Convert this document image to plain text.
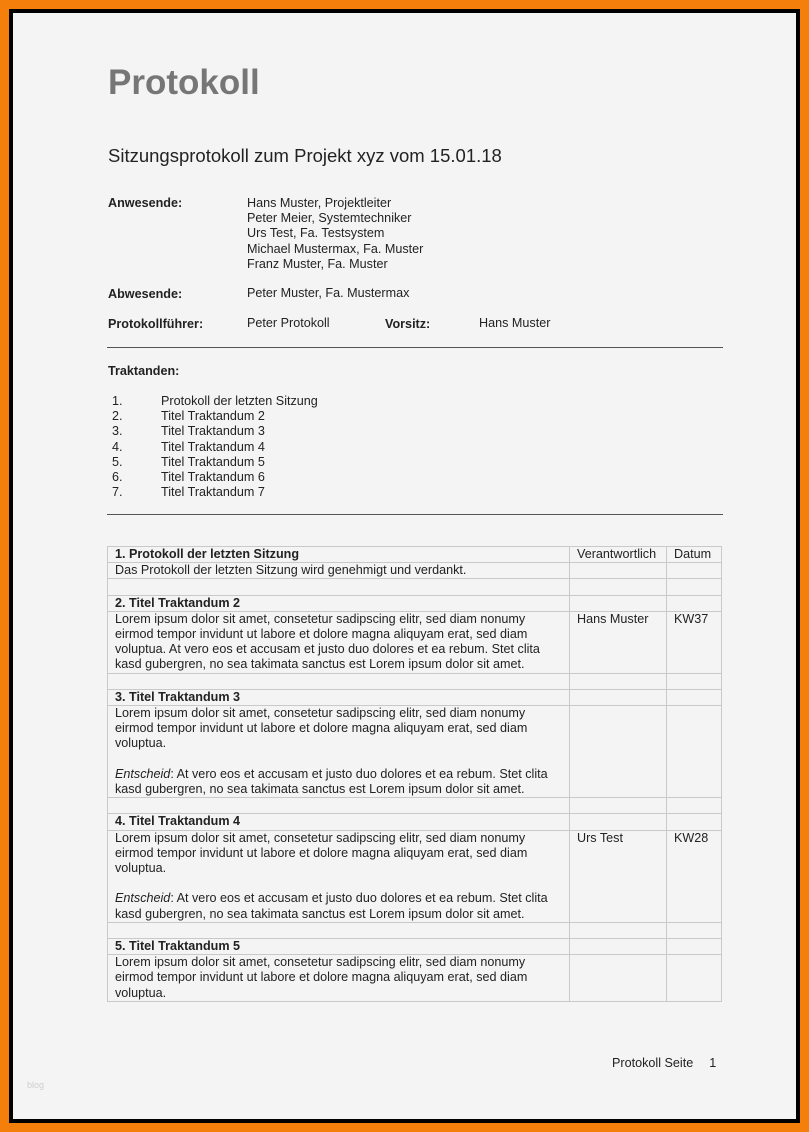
Protokoll
Sitzungsprotokoll zum Projekt xyz vom 15.01.18
Anwesende:	Hans Muster, Projektleiter
Peter Meier, Systemtechniker
Urs Test, Fa. Testsystem
Michael Mustermax, Fa. Muster
Franz Muster, Fa. Muster
Abwesende:	Peter Muster, Fa. Mustermax
Protokollführer:	Peter Protokoll	Vorsitz:	Hans Muster
Traktanden:
1.	Protokoll der letzten Sitzung
2.	Titel Traktandum 2
3.	Titel Traktandum 3
4.	Titel Traktandum 4
5.	Titel Traktandum 5
6.	Titel Traktandum 6
7.	Titel Traktandum 7
1. Protokoll der letzten Sitzung	Verantwortlich	Datum
Das Protokoll der letzten Sitzung wird genehmigt und verdankt.		

2. Titel Traktandum 2		
Lorem ipsum dolor sit amet, consetetur sadipscing elitr, sed diam nonumy eirmod tempor invidunt ut labore et dolore magna aliquyam erat, sed diam voluptua. At vero eos et accusam et justo duo dolores et ea rebum. Stet clita kasd gubergren, no sea takimata sanctus est Lorem ipsum dolor sit amet.	Hans Muster	KW37

3. Titel Traktandum 3		

Lorem ipsum dolor sit amet, consetetur sadipscing elitr, sed diam nonumy eirmod tempor invidunt ut labore et dolore magna aliquyam erat, sed diam voluptua.
Entscheid: At vero eos et accusam et justo duo dolores et ea rebum. Stet clita kasd gubergren, no sea takimata sanctus est Lorem ipsum dolor sit amet.		

4. Titel Traktandum 4		

Lorem ipsum dolor sit amet, consetetur sadipscing elitr, sed diam nonumy eirmod tempor invidunt ut labore et dolore magna aliquyam erat, sed diam voluptua.
Entscheid: At vero eos et accusam et justo duo dolores et ea rebum. Stet clita kasd gubergren, no sea takimata sanctus est Lorem ipsum dolor sit amet.	Urs Test	KW28

5. Titel Traktandum 5		
Lorem ipsum dolor sit amet, consetetur sadipscing elitr, sed diam nonumy eirmod tempor invidunt ut labore et dolore magna aliquyam erat, sed diam voluptua.		
Protokoll Seite 1
blog
